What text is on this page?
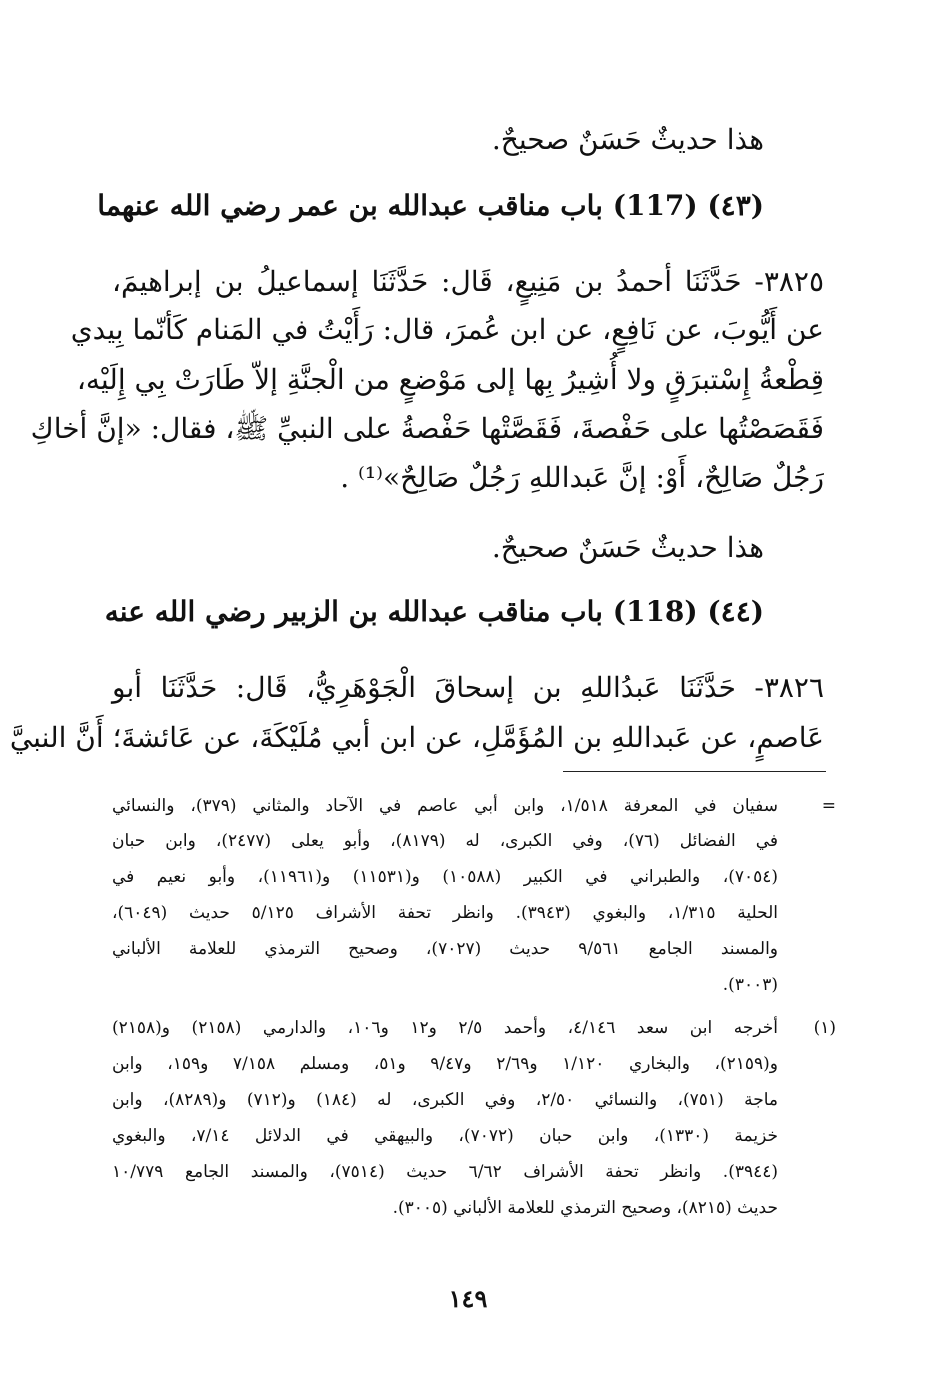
هذا حديثٌ حَسَنٌ صحيحٌ.
(٤٣) (117) باب مناقب عبدالله بن عمر رضي الله عنهما
٣٨٢٥- حَدَّثَنَا أحمدُ بن مَنِيعٍ، قَال: حَدَّثَنَا إسماعيلُ بن إبراهيمَ،
عن أَيُّوبَ، عن نَافِعٍ، عن ابن عُمرَ، قال: رَأَيْتُ في المَنام كَأنّما بِيدي
قِطْعةُ إِسْتبرَقٍ ولا أُشِيرُ بِها إلى مَوْضعٍ من الْجنَّةِ إلاّ طَارَتْ بِي إِلَيْه،
فَقَصَصْتُها على حَفْصةَ، فَقَصَّتْها حَفْصةُ على النبيِّ ﷺ، فقال: «إنَّ أخاكِ
رَجُلٌ صَالِحٌ، أَوْ: إنَّ عَبداللهِ رَجُلٌ صَالِحٌ»⁽¹⁾ .
هذا حديثٌ حَسَنٌ صحيحٌ.
(٤٤) (118) باب مناقب عبدالله بن الزبير رضي الله عنه
٣٨٢٦- حَدَّثَنَا عَبدُاللهِ بن إسحاقَ الْجَوْهَرِيُّ، قَال: حَدَّثَنَا أبو
عَاصمٍ، عن عَبداللهِ بن المُؤَمَّلِ، عن ابن أبي مُلَيْكَةَ، عن عَائشةَ؛ أَنَّ النبيَّ
=
سفيان في المعرفة ١/٥١٨، وابن أبي عاصم في الآحاد والمثاني (٣٧٩)، والنسائي
في الفضائل (٧٦)، وفي الكبرى، له (٨١٧٩)، وأبو يعلى (٢٤٧٧)، وابن حبان
(٧٠٥٤)، والطبراني في الكبير (١٠٥٨٨) و(١١٥٣١) و(١١٩٦١)، وأبو نعيم في
الحلية ١/٣١٥، والبغوي (٣٩٤٣). وانظر تحفة الأشراف ٥/١٢٥ حديث (٦٠٤٩)،
والمسند الجامع ٩/٥٦١ حديث (٧٠٢٧)، وصحيح الترمذي للعلامة الألباني
(٣٠٠٣).
(١)
أخرجه ابن سعد ٤/١٤٦، وأحمد ٢/٥ و١٢ و١٠٦، والدارمي (٢١٥٨) و(٢١٥٨)
و(٢١٥٩)، والبخاري ١/١٢٠ و٢/٦٩ و٩/٤٧ و٥١، ومسلم ٧/١٥٨ و١٥٩، وابن
ماجة (٧٥١)، والنسائي ٢/٥٠، وفي الكبرى، له (١٨٤) و(٧١٢) و(٨٢٨٩)، وابن
خزيمة (١٣٣٠)، وابن حبان (٧٠٧٢)، والبيهقي في الدلائل ٧/١٤، والبغوي
(٣٩٤٤). وانظر تحفة الأشراف ٦/٦٢ حديث (٧٥١٤)، والمسند الجامع ١٠/٧٧٩
حديث (٨٢١٥)، وصحيح الترمذي للعلامة الألباني (٣٠٠٥).
١٤٩
